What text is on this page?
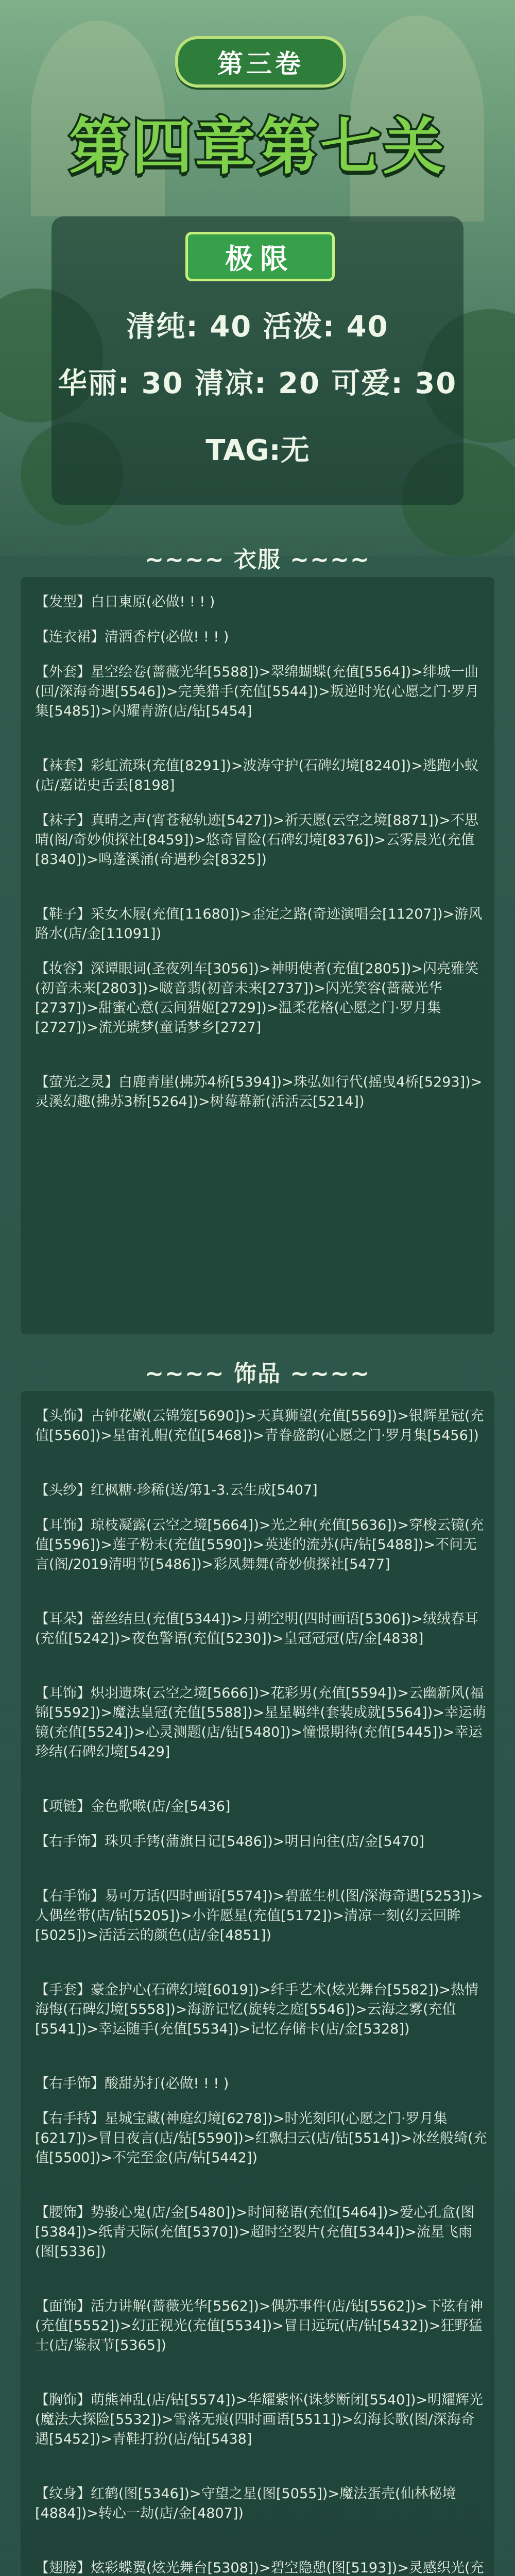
第三卷
第四章第七关
极限
清纯: 40 活泼: 40
华丽: 30 清凉: 20 可爱: 30
TAG:无
~~~~ 衣服 ~~~~
【发型】白日東原(必做! ! ! )
【连衣裙】清洒香柠(必做! ! ! )
【外套】星空绘卷(蔷薇光华[5588])>翠绵蝴蝶(充值[5564])>绯城一曲(回/深海奇遇[5546])>完美猎手(充值[5544])>叛逆时光(心愿之门·罗月集[5485])>闪耀青游(店/钻[5454]
【袜套】彩虹流珠(充值[8291])>波涛守护(石碑幻境[8240])>逃跑小蚁(店/嘉诺史舌丢[8198]
【袜子】真晴之声(宵苍秘轨迹[5427])>祈天愿(云空之境[8871])>不思晴(阁/奇妙侦探社[8459])>悠奇冒险(石碑幻境[8376])>云雾晨光(充值[8340])>鸣蓬溪涌(奇遇秒会[8325])
【鞋子】采女木屐(充值[11680])>歪定之路(奇迹演唱会[11207])>游风路水(店/金[11091])
【妆容】深谭眼词(圣夜列车[3056])>神明使者(充值[2805])>闪亮雅笑(初音未来[2803])>啵音翡(初音未来[2737])>闪光笑容(蔷薇光华[2737])>甜蜜心意(云间猎姬[2729])>温柔花格(心愿之门·罗月集[2727])>流光琥梦(童话梦乡[2727]
【萤光之灵】白鹿青崖(拂苏4桥[5394])>珠弘如行代(摇曳4桥[5293])>灵溪幻趣(拂苏3桥[5264])>树莓幕新(活活云[5214])
~~~~ 饰品 ~~~~
【头饰】古钟花嫩(云锦笼[5690])>天真狮望(充值[5569])>银辉星冠(充值[5560])>星宙礼帽(充值[5468])>青眷盛韵(心愿之门·罗月集[5456])
【头纱】红枫糖·珍稀(送/第1-3.云生成[5407]
【耳饰】琼枝凝露(云空之境[5664])>光之种(充值[5636])>穿梭云镜(充值[5596])>莲子粉末(充值[5590])>英迷的流苏(店/钻[5488])>不问无言(阁/2019清明节[5486])>彩凤舞舞(奇妙侦探社[5477]
【耳朵】蕾丝结旦(充值[5344])>月朔空明(四时画语[5306])>绒绒春耳(充值[5242])>夜色警语(充值[5230])>皇冠冠冠(店/金[4838]
【耳饰】炽羽遗珠(云空之境[5666])>花彩男(充值[5594])>云幽新风(福锦[5592])>魔法皇冠(充值[5588])>星星羁绊(套装成就[5564])>幸运萌镜(充值[5524])>心灵测题(店/钻[5480])>憧憬期待(充值[5445])>幸运珍结(石碑幻境[5429]
【项链】金色歌喉(店/金[5436]
【右手饰】珠贝手铐(蒲旗日记[5486])>明日向往(店/金[5470]
【右手饰】易可万话(四时画语[5574])>碧蓝生机(图/深海奇遇[5253])>人偶丝带(店/钻[5205])>小许愿星(充值[5172])>清凉一刻(幻云回眸[5025])>活活云的颜色(店/金[4851])
【手套】豪金护心(石碑幻境[6019])>纤手艺术(炫光舞台[5582])>热情海悔(石碑幻境[5558])>海游记忆(旋转之庭[5546])>云海之雾(充值[5541])>幸运随手(充值[5534])>记忆存储卡(店/金[5328])
【右手饰】酸甜苏打(必做! ! ! )
【右手持】星城宝藏(神庭幻境[6278])>时光刻印(心愿之门·罗月集[6217])>冒日夜言(店/钻[5590])>红飘扫云(店/钻[5514])>冰丝般绮(充值[5500])>不完至金(店/钻[5442])
【腰饰】势骏心鬼(店/金[5480])>时间秘语(充值[5464])>爱心孔盒(图[5384])>纸青天际(充值[5370])>超时空裂片(充值[5344])>流星飞雨(图[5336])
【面饰】活力讲解(蔷薇光华[5562])>偶苏事件(店/钻[5562])>下弦有神(充值[5552])>幻正视光(充值[5534])>冒日远玩(店/钻[5432])>狂野猛士(店/鉴叔节[5365])
【胸饰】萌熊神乱(店/钻[5574])>华耀紫怀(诛梦断闭[5540])>明耀辉光(魔法大探险[5532])>雪落无痕(四时画语[5511])>幻海长歌(图/深海奇遇[5452])>青鞋打扮(店/钻[5438]
【纹身】红鹤(图[5346])>守望之星(图[5055])>魔法蛋壳(仙林秘境[4884])>转心一劫(店/金[4807])
【翅膀】炫彩蝶翼(炫光舞台[5308])>碧空隐憩(图[5193])>灵感织光(充
